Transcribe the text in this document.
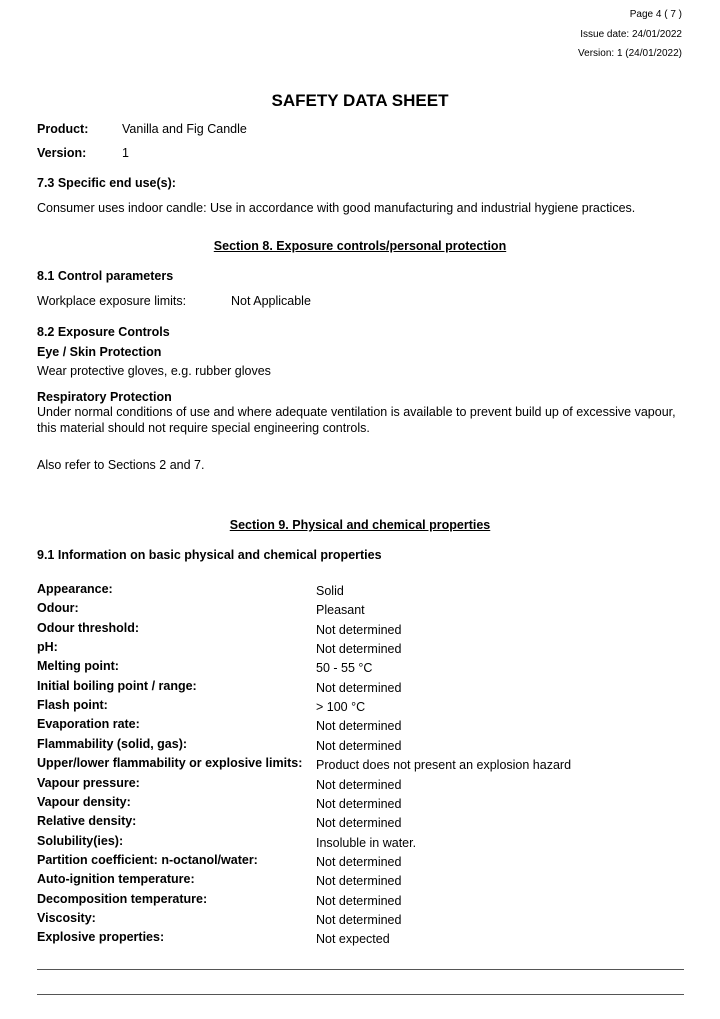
Page 4 ( 7 )
Issue date: 24/01/2022
Version: 1 (24/01/2022)
SAFETY DATA SHEET
Product:	Vanilla and Fig Candle
Version:	1
7.3 Specific end use(s):
Consumer uses indoor candle: Use in accordance with good manufacturing and industrial hygiene practices.
Section 8. Exposure controls/personal protection
8.1 Control parameters
Workplace exposure limits:	Not Applicable
8.2 Exposure Controls
Eye / Skin Protection
Wear protective gloves, e.g. rubber gloves
Respiratory Protection
Under normal conditions of use and where adequate ventilation is available to prevent build up of excessive vapour, this material should not require special engineering controls.
Also refer to Sections 2 and 7.
Section 9. Physical and chemical properties
9.1 Information on basic physical and chemical properties
Appearance:	Solid
Odour:	Pleasant
Odour threshold:	Not determined
pH:	Not determined
Melting point:	50 - 55 °C
Initial boiling point / range:	Not determined
Flash point:	> 100 °C
Evaporation rate:	Not determined
Flammability (solid, gas):	Not determined
Upper/lower flammability or explosive limits: Product does not present an explosion hazard
Vapour pressure:	Not determined
Vapour density:	Not determined
Relative density:	Not determined
Solubility(ies):	Insoluble in water.
Partition coefficient: n-octanol/water:	Not determined
Auto-ignition temperature:	Not determined
Decomposition temperature:	Not determined
Viscosity:	Not determined
Explosive properties:	Not expected
